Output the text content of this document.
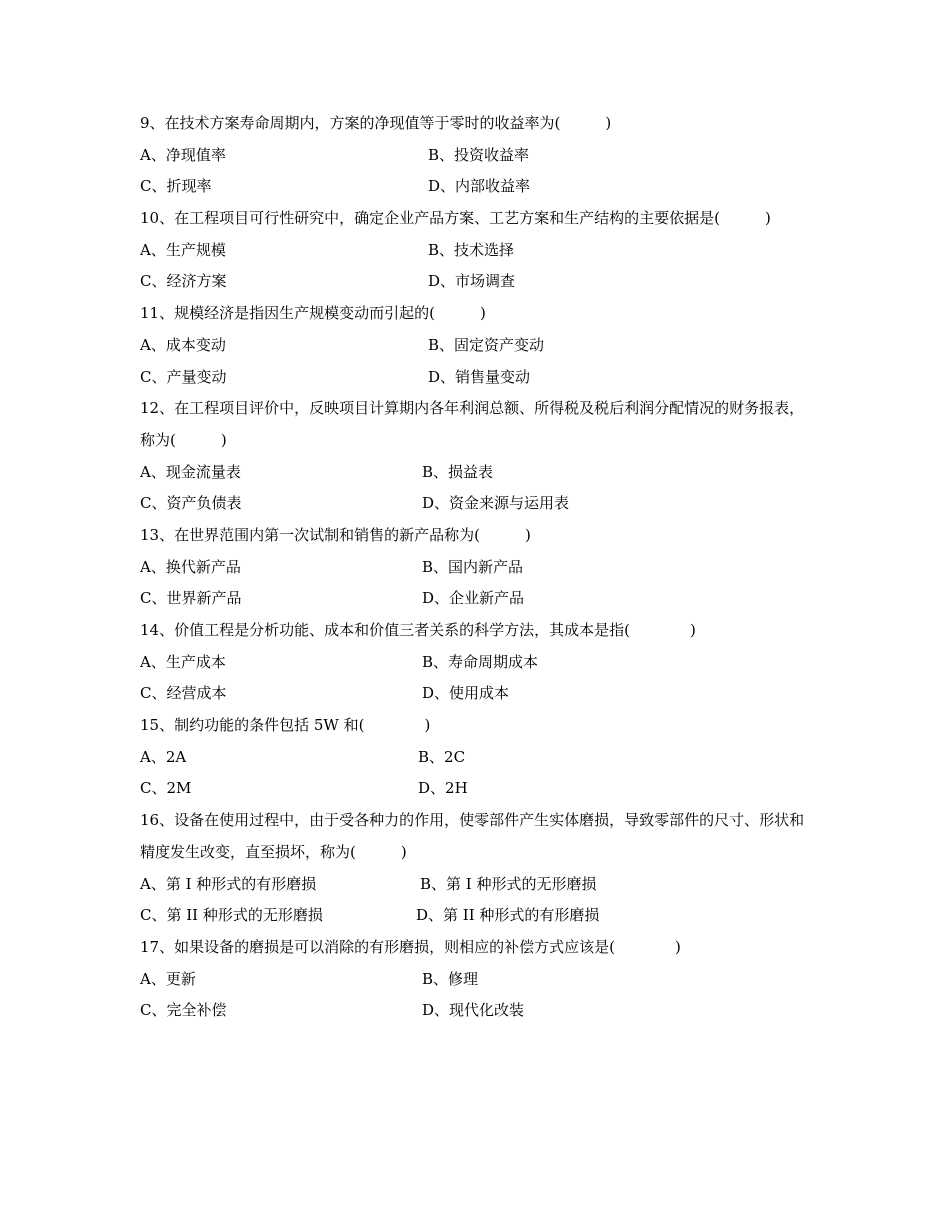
9、在技术方案寿命周期内，方案的净现值等于零时的收益率为(　　　)
A、净现值率	B、投资收益率
C、折现率	D、内部收益率
10、在工程项目可行性研究中，确定企业产品方案、工艺方案和生产结构的主要依据是(　　　)
A、生产规模	B、技术选择
C、经济方案	D、市场调查
11、规模经济是指因生产规模变动而引起的(　　　)
A、成本变动	B、固定资产变动
C、产量变动	D、销售量变动
12、在工程项目评价中，反映项目计算期内各年利润总额、所得税及税后利润分配情况的财务报表，称为(　　　)
A、现金流量表	B、损益表
C、资产负债表	D、资金来源与运用表
13、在世界范围内第一次试制和销售的新产品称为(　　　)
A、换代新产品	B、国内新产品
C、世界新产品	D、企业新产品
14、价值工程是分析功能、成本和价值三者关系的科学方法，其成本是指(　　　　)
A、生产成本	B、寿命周期成本
C、经营成本	D、使用成本
15、制约功能的条件包括 5W 和(　　　　)
A、2A	B、2C
C、2M	D、2H
16、设备在使用过程中，由于受各种力的作用，使零部件产生实体磨损，导致零部件的尺寸、形状和精度发生改变，直至损坏，称为(　　　)
A、第 I 种形式的有形磨损	B、第 I 种形式的无形磨损
C、第 II 种形式的无形磨损	D、第 II 种形式的有形磨损
17、如果设备的磨损是可以消除的有形磨损，则相应的补偿方式应该是(　　　　)
A、更新	B、修理
C、完全补偿	D、现代化改装
